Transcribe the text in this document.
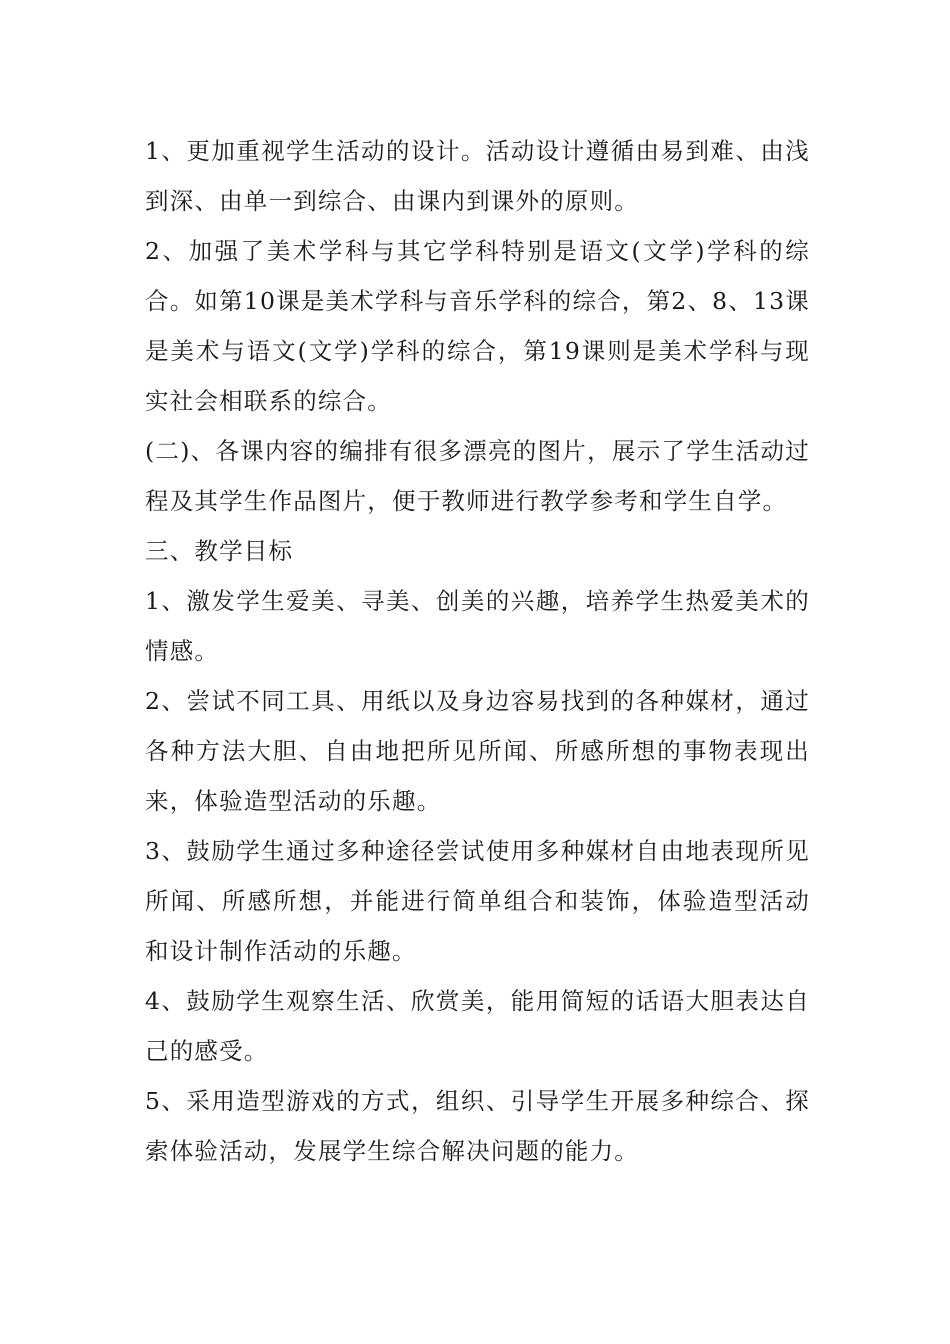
1、更加重视学生活动的设计。活动设计遵循由易到难、由浅到深、由单一到综合、由课内到课外的原则。

2、加强了美术学科与其它学科特别是语文(文学)学科的综合。如第10课是美术学科与音乐学科的综合，第2、8、13课是美术与语文(文学)学科的综合，第19课则是美术学科与现实社会相联系的综合。

(二)、各课内容的编排有很多漂亮的图片，展示了学生活动过程及其学生作品图片，便于教师进行教学参考和学生自学。

三、教学目标

1、激发学生爱美、寻美、创美的兴趣，培养学生热爱美术的情感。

2、尝试不同工具、用纸以及身边容易找到的各种媒材，通过各种方法大胆、自由地把所见所闻、所感所想的事物表现出来，体验造型活动的乐趣。

3、鼓励学生通过多种途径尝试使用多种媒材自由地表现所见所闻、所感所想，并能进行简单组合和装饰，体验造型活动和设计制作活动的乐趣。

4、鼓励学生观察生活、欣赏美，能用简短的话语大胆表达自己的感受。

5、采用造型游戏的方式，组织、引导学生开展多种综合、探索体验活动，发展学生综合解决问题的能力。
